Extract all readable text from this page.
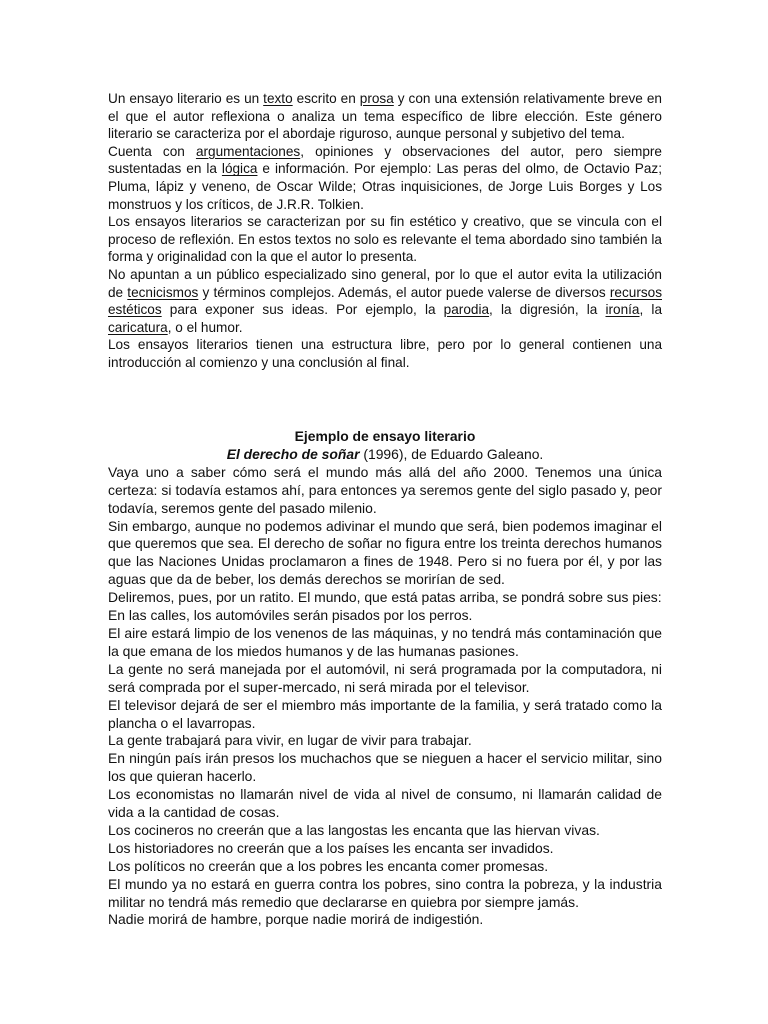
Un ensayo literario es un texto escrito en prosa y con una extensión relativamente breve en el que el autor reflexiona o analiza un tema específico de libre elección. Este género literario se caracteriza por el abordaje riguroso, aunque personal y subjetivo del tema.

Cuenta con argumentaciones, opiniones y observaciones del autor, pero siempre sustentadas en la lógica e información. Por ejemplo: Las peras del olmo, de Octavio Paz; Pluma, lápiz y veneno, de Oscar Wilde; Otras inquisiciones, de Jorge Luis Borges y Los monstruos y los críticos, de J.R.R. Tolkien.

Los ensayos literarios se caracterizan por su fin estético y creativo, que se vincula con el proceso de reflexión. En estos textos no solo es relevante el tema abordado sino también la forma y originalidad con la que el autor lo presenta.

No apuntan a un público especializado sino general, por lo que el autor evita la utilización de tecnicismos y términos complejos. Además, el autor puede valerse de diversos recursos estéticos para exponer sus ideas. Por ejemplo, la parodia, la digresión, la ironía, la caricatura, o el humor.

Los ensayos literarios tienen una estructura libre, pero por lo general contienen una introducción al comienzo y una conclusión al final.

Ejemplo de ensayo literario

El derecho de soñar (1996), de Eduardo Galeano.

Vaya uno a saber cómo será el mundo más allá del año 2000. Tenemos una única certeza: si todavía estamos ahí, para entonces ya seremos gente del siglo pasado y, peor todavía, seremos gente del pasado milenio.

Sin embargo, aunque no podemos adivinar el mundo que será, bien podemos imaginar el que queremos que sea. El derecho de soñar no figura entre los treinta derechos humanos que las Naciones Unidas proclamaron a fines de 1948. Pero si no fuera por él, y por las aguas que da de beber, los demás derechos se morirían de sed.

Deliremos, pues, por un ratito. El mundo, que está patas arriba, se pondrá sobre sus pies:

En las calles, los automóviles serán pisados por los perros.

El aire estará limpio de los venenos de las máquinas, y no tendrá más contaminación que la que emana de los miedos humanos y de las humanas pasiones.

La gente no será manejada por el automóvil, ni será programada por la computadora, ni será comprada por el super-mercado, ni será mirada por el televisor.

El televisor dejará de ser el miembro más importante de la familia, y será tratado como la plancha o el lavarropas.

La gente trabajará para vivir, en lugar de vivir para trabajar.

En ningún país irán presos los muchachos que se nieguen a hacer el servicio militar, sino los que quieran hacerlo.

Los economistas no llamarán nivel de vida al nivel de consumo, ni llamarán calidad de vida a la cantidad de cosas.

Los cocineros no creerán que a las langostas les encanta que las hiervan vivas.

Los historiadores no creerán que a los países les encanta ser invadidos.

Los políticos no creerán que a los pobres les encanta comer promesas.

El mundo ya no estará en guerra contra los pobres, sino contra la pobreza, y la industria militar no tendrá más remedio que declararse en quiebra por siempre jamás.

Nadie morirá de hambre, porque nadie morirá de indigestión.
